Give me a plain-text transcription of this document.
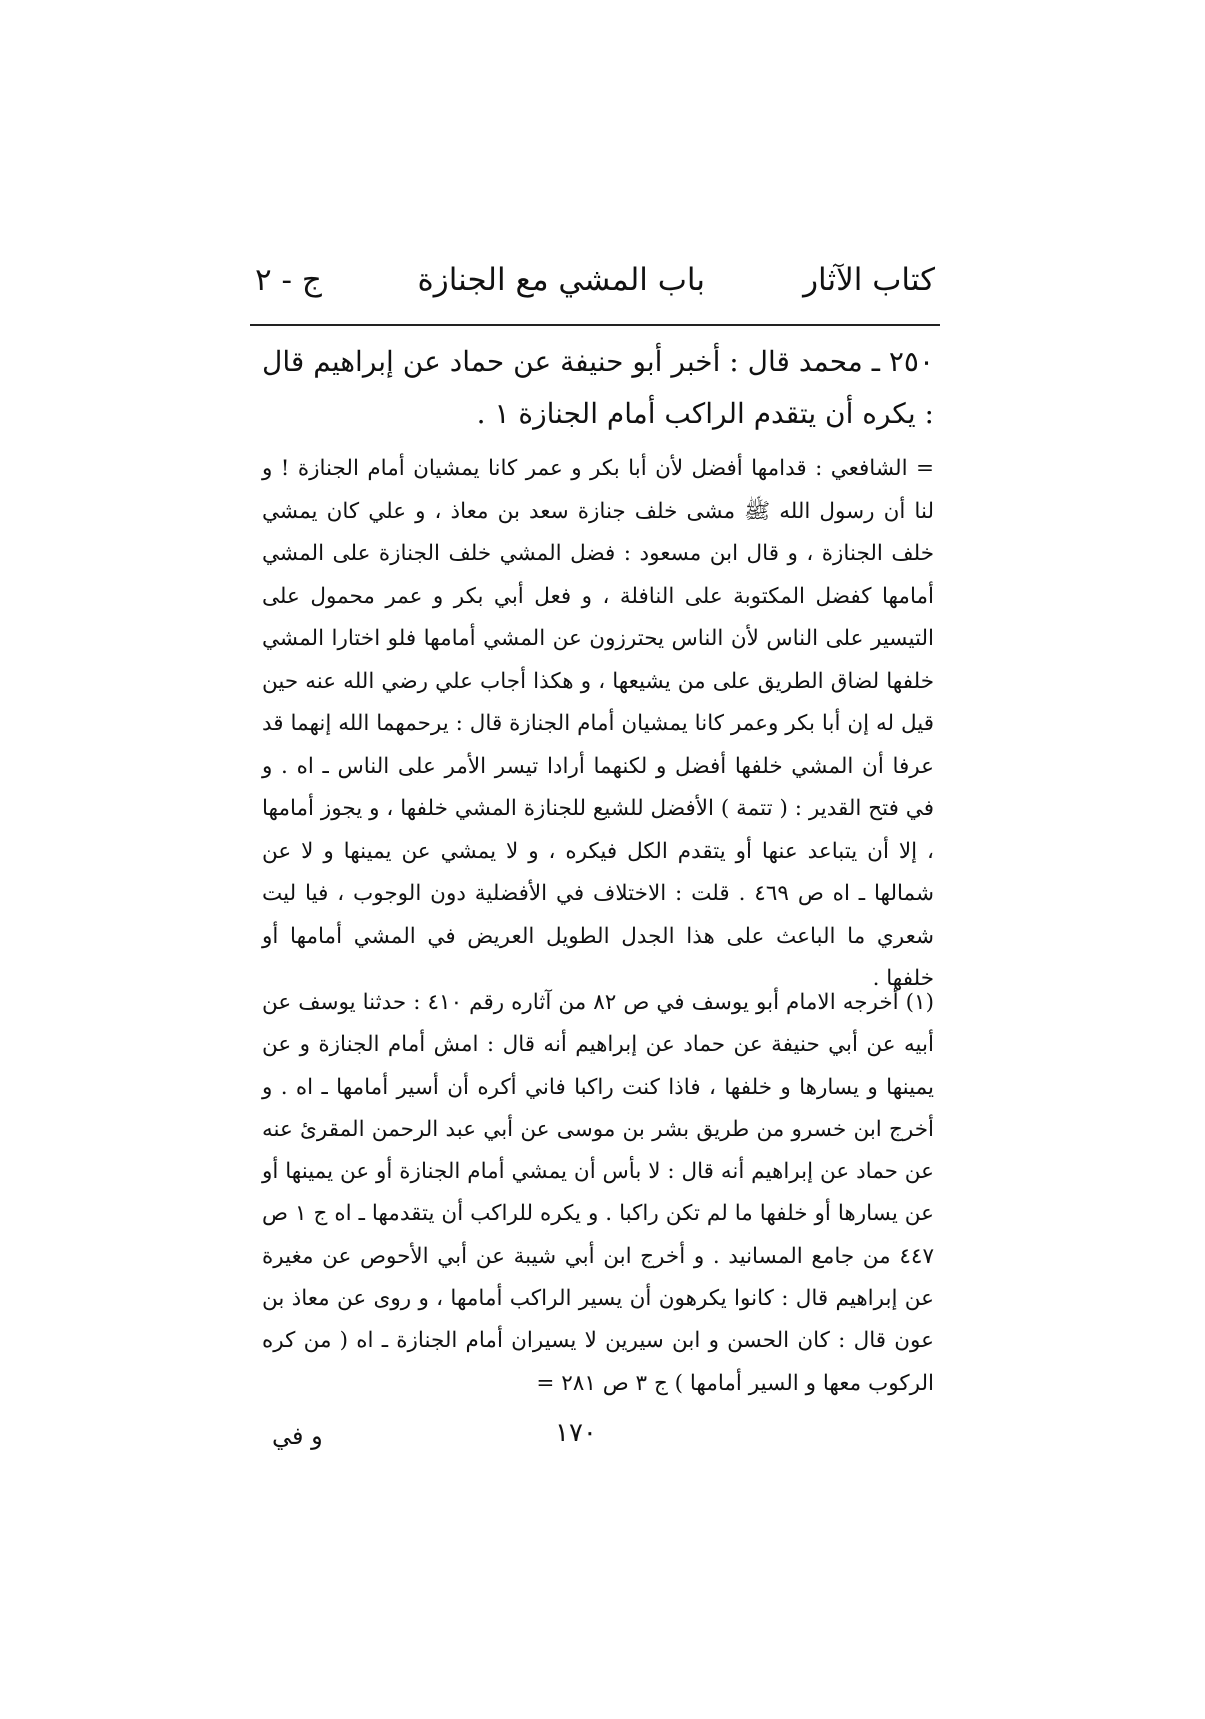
كتاب الآثار
باب المشي مع الجنازة
ج - ٢

٢٥٠ ـ محمد قال : أخبر أبو حنيفة عن حماد عن إبراهيم قال : يكره أن يتقدم الراكب أمام الجنازة ١ .

= الشافعي : قدامها أفضل لأن أبا بكر و عمر كانا يمشيان أمام الجنازة ! و لنا أن رسول الله ﷺ مشى خلف جنازة سعد بن معاذ ، و علي كان يمشي خلف الجنازة ، و قال ابن مسعود : فضل المشي خلف الجنازة على المشي أمامها كفضل المكتوبة على النافلة ، و فعل أبي بكر و عمر محمول على التيسير على الناس لأن الناس يحترزون عن المشي أمامها فلو اختارا المشي خلفها لضاق الطريق على من يشيعها ، و هكذا أجاب علي رضي الله عنه حين قيل له إن أبا بكر وعمر كانا يمشيان أمام الجنازة قال : يرحمهما الله إنهما قد عرفا أن المشي خلفها أفضل و لكنهما أرادا تيسر الأمر على الناس ـ اه . و في فتح القدير : ( تتمة ) الأفضل للشيع للجنازة المشي خلفها ، و يجوز أمامها ، إلا أن يتباعد عنها أو يتقدم الكل فيكره ، و لا يمشي عن يمينها و لا عن شمالها ـ اه ص ٤٦٩ . قلت : الاختلاف في الأفضلية دون الوجوب ، فيا ليت شعري ما الباعث على هذا الجدل الطويل العريض في المشي أمامها أو خلفها .

(١) أخرجه الامام أبو يوسف في ص ٨٢ من آثاره رقم ٤١٠ : حدثنا يوسف عن أبيه عن أبي حنيفة عن حماد عن إبراهيم أنه قال : امش أمام الجنازة و عن يمينها و يسارها و خلفها ، فاذا كنت راكبا فاني أكره أن أسير أمامها ـ اه . و أخرج ابن خسرو من طريق بشر بن موسى عن أبي عبد الرحمن المقرئ عنه عن حماد عن إبراهيم أنه قال : لا بأس أن يمشي أمام الجنازة أو عن يمينها أو عن يسارها أو خلفها ما لم تكن راكبا . و يكره للراكب أن يتقدمها ـ اه ج ١ ص ٤٤٧ من جامع المسانيد . و أخرج ابن أبي شيبة عن أبي الأحوص عن مغيرة عن إبراهيم قال : كانوا يكرهون أن يسير الراكب أمامها ، و روى عن معاذ بن عون قال : كان الحسن و ابن سيرين لا يسيران أمام الجنازة ـ اه ( من كره الركوب معها و السير أمامها ) ج ٣ ص ٢٨١ =

و في	١٧٠
